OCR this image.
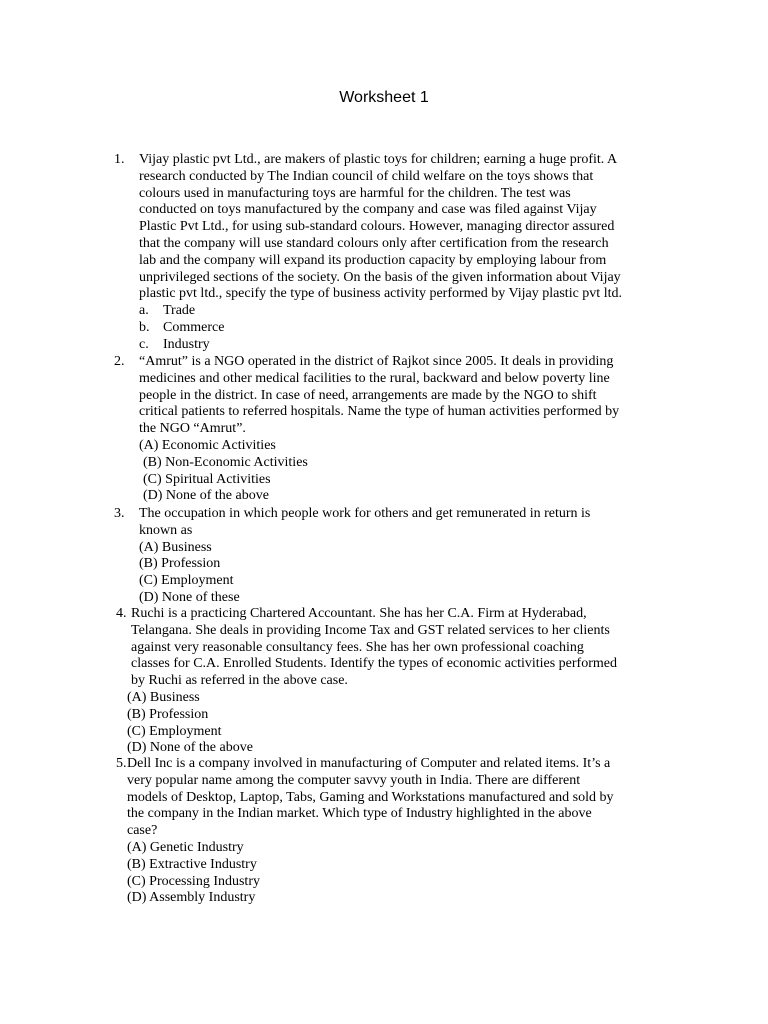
Worksheet 1
1. Vijay plastic pvt Ltd., are makers of plastic toys for children; earning a huge profit. A

research conducted by The Indian council of child welfare on the toys shows that

colours used in manufacturing toys are harmful for the children. The test was

conducted on toys manufactured by the company and case was filed against Vijay

Plastic Pvt Ltd., for using sub-standard colours. However, managing director assured

that the company will use standard colours only after certification from the research

lab and the company will expand its production capacity by employing labour from

unprivileged sections of the society. On the basis of the given information about Vijay

plastic pvt ltd., specify the type of business activity performed by Vijay plastic pvt ltd.

a. Trade
b. Commerce
c. Industry
2. “Amrut” is a NGO operated in the district of Rajkot since 2005. It deals in providing

medicines and other medical facilities to the rural, backward and below poverty line

people in the district. In case of need, arrangements are made by the NGO to shift

critical patients to referred hospitals. Name the type of human activities performed by

the NGO “Amrut”.

(A) Economic Activities
(B) Non-Economic Activities
(C) Spiritual Activities
(D) None of the above
3. The occupation in which people work for others and get remunerated in return is

known as

(A) Business
(B) Profession
(C) Employment
(D) None of these
4. Ruchi is a practicing Chartered Accountant. She has her C.A. Firm at Hyderabad,

Telangana. She deals in providing Income Tax and GST related services to her clients

against very reasonable consultancy fees. She has her own professional coaching

classes for C.A. Enrolled Students. Identify the types of economic activities performed

by Ruchi as referred in the above case.

(A) Business
(B) Profession
(C) Employment
(D) None of the above
5. Dell Inc is a company involved in manufacturing of Computer and related items. It’s a

very popular name among the computer savvy youth in India. There are different

models of Desktop, Laptop, Tabs, Gaming and Workstations manufactured and sold by

the company in the Indian market. Which type of Industry highlighted in the above

case?

(A) Genetic Industry
(B) Extractive Industry
(C) Processing Industry
(D) Assembly Industry
